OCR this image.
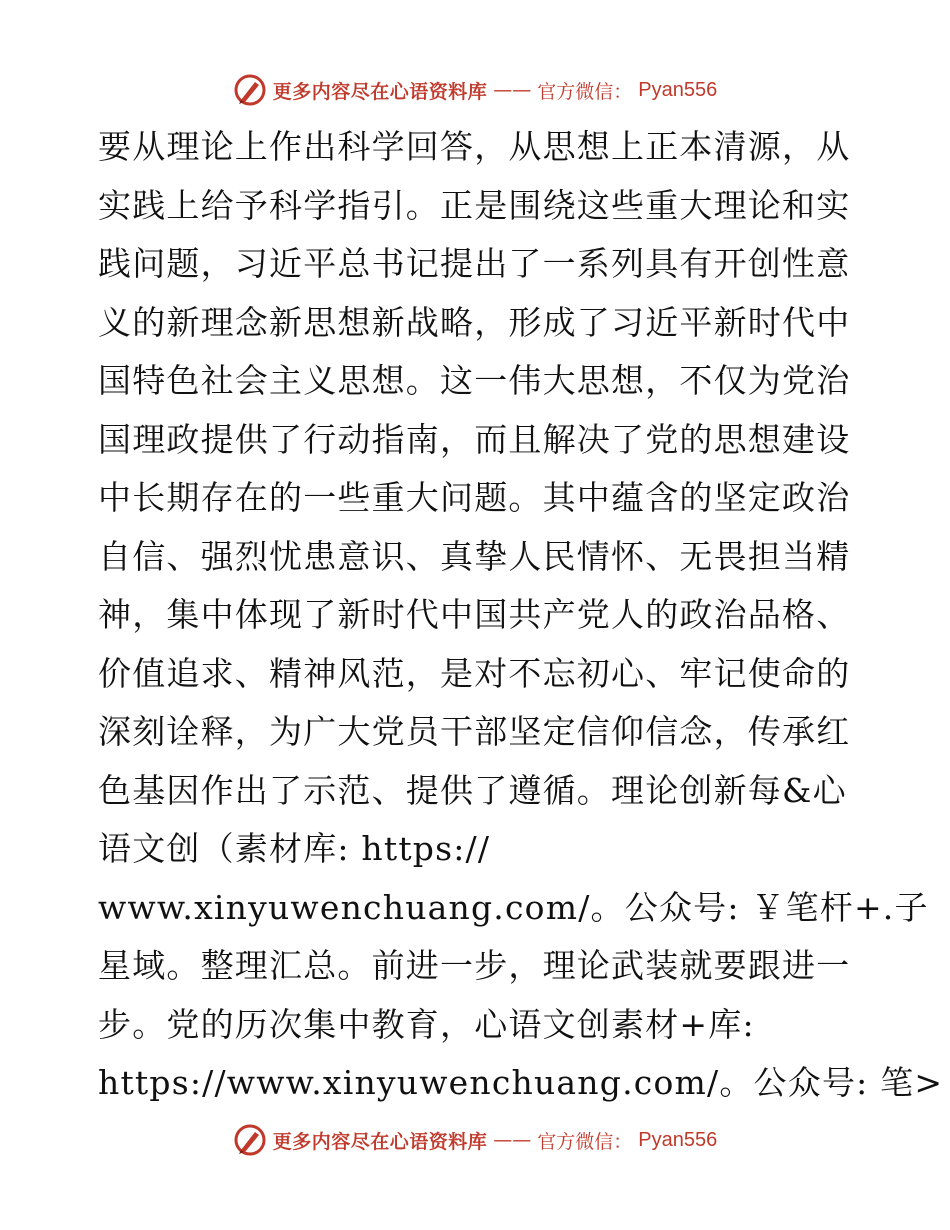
更多内容尽在心语资料库 —— 官方微信： Pyan556
要从理论上作出科学回答，从思想上正本清源，从
实践上给予科学指引。正是围绕这些重大理论和实
践问题，习近平总书记提出了一系列具有开创性意
义的新理念新思想新战略，形成了习近平新时代中
国特色社会主义思想。这一伟大思想，不仅为党治
国理政提供了行动指南，而且解决了党的思想建设
中长期存在的一些重大问题。其中蕴含的坚定政治
自信、强烈忧患意识、真挚人民情怀、无畏担当精
神，集中体现了新时代中国共产党人的政治品格、
价值追求、精神风范，是对不忘初心、牢记使命的
深刻诠释，为广大党员干部坚定信仰信念，传承红
色基因作出了示范、提供了遵循。理论创新每&心
语文创（素材库: https://
www.xinyuwenchuang.com/。公众号: ￥笔杆+.子
星域。整理汇总。前进一步，理论武装就要跟进一
步。党的历次集中教育，心语文创素材+库:
https://www.xinyuwenchuang.com/。公众号: 笔>
更多内容尽在心语资料库 —— 官方微信： Pyan556
